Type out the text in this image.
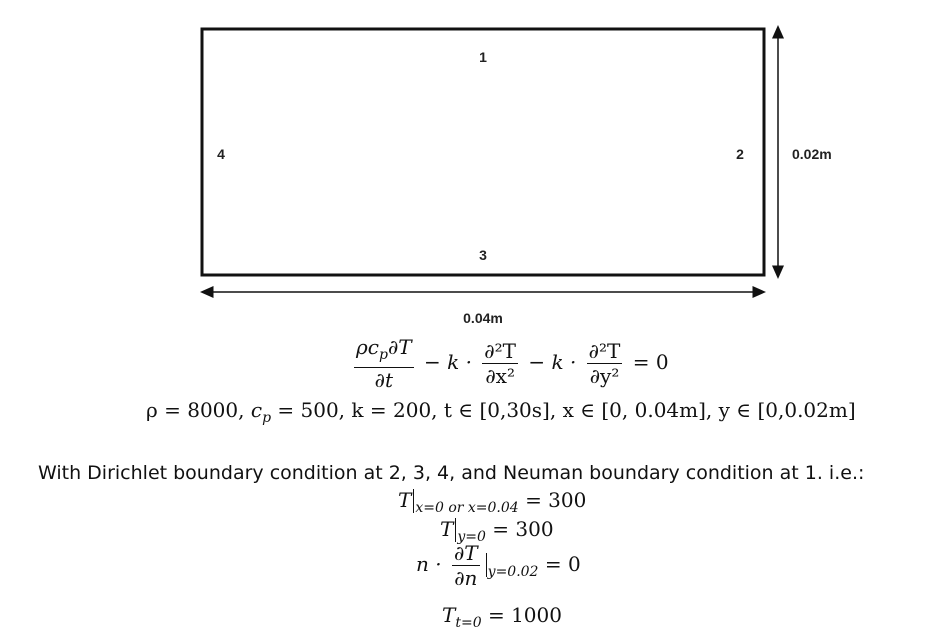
1
2
3
4	0.02m
0.04m
$\frac{\rho c_p\partial T}{\partial t} - k \cdot \frac{\text{∂²T}}{\text{∂x²}} - k \cdot \frac{\text{∂²T}}{\text{∂y²}} = 0$
ρ = 8000, $c_p = 500$, k = 200, t ∈ [0,30s], x ∈ [0, 0.04m], y ∈ [0,0.02m]
With Dirichlet boundary condition at 2, 3, 4, and Neuman boundary condition at 1. i.e.:
T $_{x=0 or x=0.04}$ = 300
T $_{y=0}$ = 300
$n \cdot \frac{\partial T}{\partial n} _{y=0.02} = 0$
$T_{t=0} = 1000$
